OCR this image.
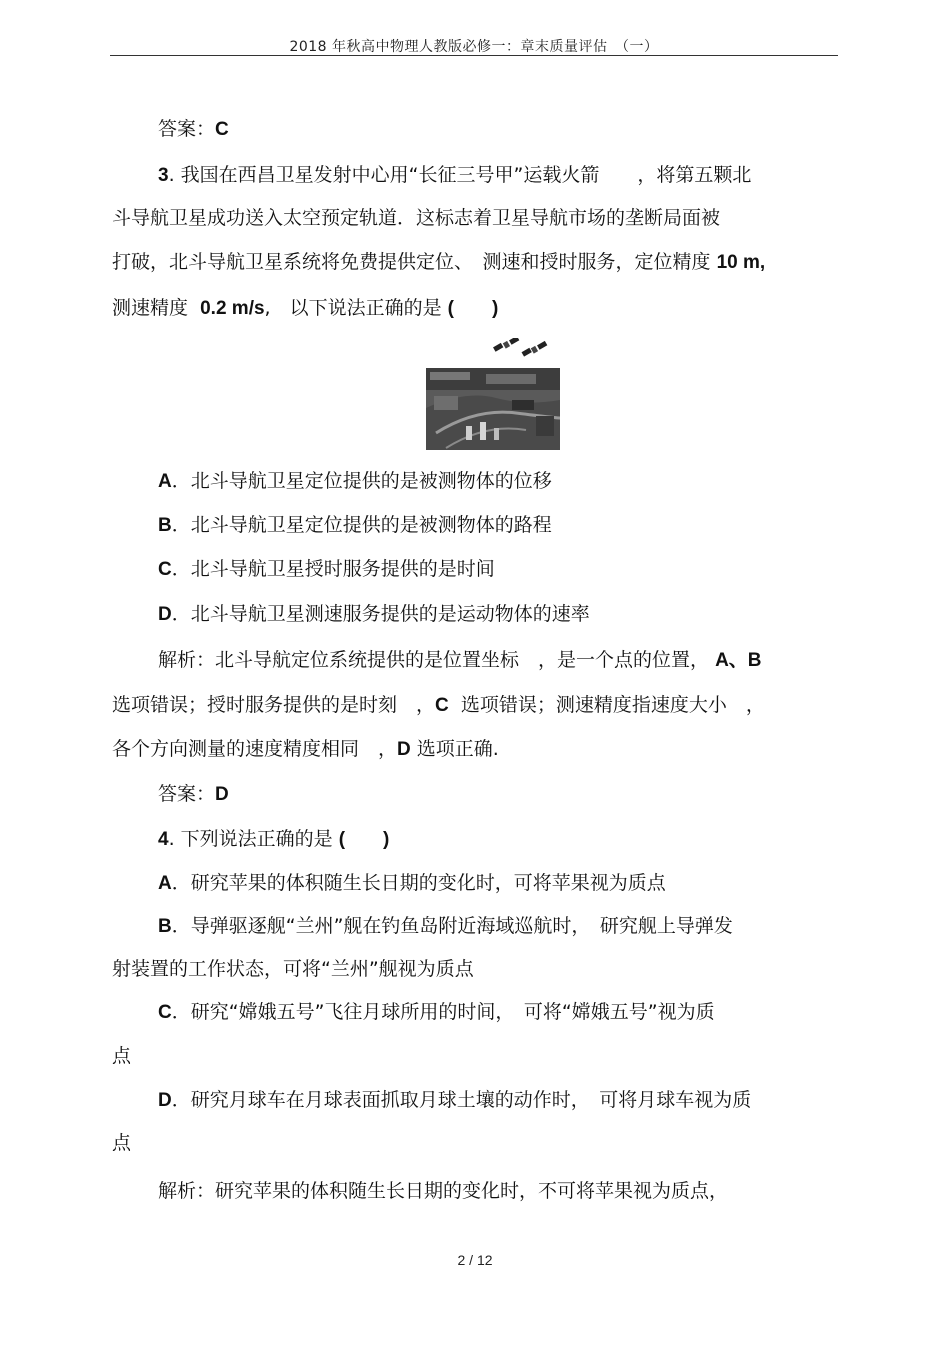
2018 年秋高中物理人教版必修一：章末质量评估　（一）
答案：C
3. 我国在西昌卫星发射中心用“长征三号甲”运载火箭　　，将第五颗北
斗导航卫星成功送入太空预定轨道．这标志着卫星导航市场的垄断局面被
打破，北斗导航卫星系统将免费提供定位、　测速和授时服务，定位精度 10 m,
测速精度 0.2 m/s,　以下说法正确的是 (　　)
A．北斗导航卫星定位提供的是被测物体的位移
B．北斗导航卫星定位提供的是被测物体的路程
C．北斗导航卫星授时服务提供的是时间
D．北斗导航卫星测速服务提供的是运动物体的速率
解析：北斗导航定位系统提供的是位置坐标　，是一个点的位置， A、B
选项错误；授时服务提供的是时刻　，C 选项错误；测速精度指速度大小　，
各个方向测量的速度精度相同　，D 选项正确.
答案：D
4. 下列说法正确的是 (　　)
A．研究苹果的体积随生长日期的变化时，可将苹果视为质点
B．导弹驱逐舰“兰州”舰在钓鱼岛附近海域巡航时，　研究舰上导弹发
射装置的工作状态，可将“兰州”舰视为质点
C．研究“嫦娥五号”飞往月球所用的时间，　可将“嫦娥五号”视为质
点
D．研究月球车在月球表面抓取月球土壤的动作时，　可将月球车视为质
点
解析：研究苹果的体积随生长日期的变化时，不可将苹果视为质点，
2 / 12
